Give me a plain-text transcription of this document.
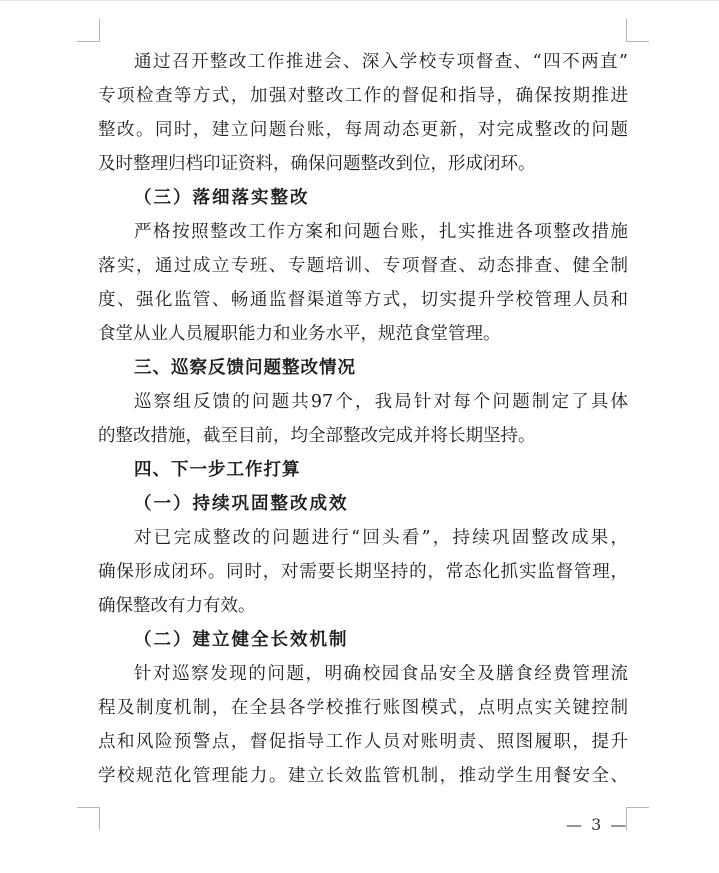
通过召开整改工作推进会、深入学校专项督查、“四不两直”
专项检查等方式，加强对整改工作的督促和指导，确保按期推进
整改。同时，建立问题台账，每周动态更新，对完成整改的问题
及时整理归档印证资料，确保问题整改到位，形成闭环。
（三）落细落实整改
严格按照整改工作方案和问题台账，扎实推进各项整改措施
落实，通过成立专班、专题培训、专项督查、动态排查、健全制
度、强化监管、畅通监督渠道等方式，切实提升学校管理人员和
食堂从业人员履职能力和业务水平，规范食堂管理。
三、巡察反馈问题整改情况
巡察组反馈的问题共97个，我局针对每个问题制定了具体
的整改措施，截至目前，均全部整改完成并将长期坚持。
四、下一步工作打算
（一）持续巩固整改成效
对已完成整改的问题进行“回头看”，持续巩固整改成果，
确保形成闭环。同时，对需要长期坚持的，常态化抓实监督管理，
确保整改有力有效。
（二）建立健全长效机制
针对巡察发现的问题，明确校园食品安全及膳食经费管理流
程及制度机制，在全县各学校推行账图模式，点明点实关键控制
点和风险预警点，督促指导工作人员对账明责、照图履职，提升
学校规范化管理能力。建立长效监管机制，推动学生用餐安全、
— 3 —
